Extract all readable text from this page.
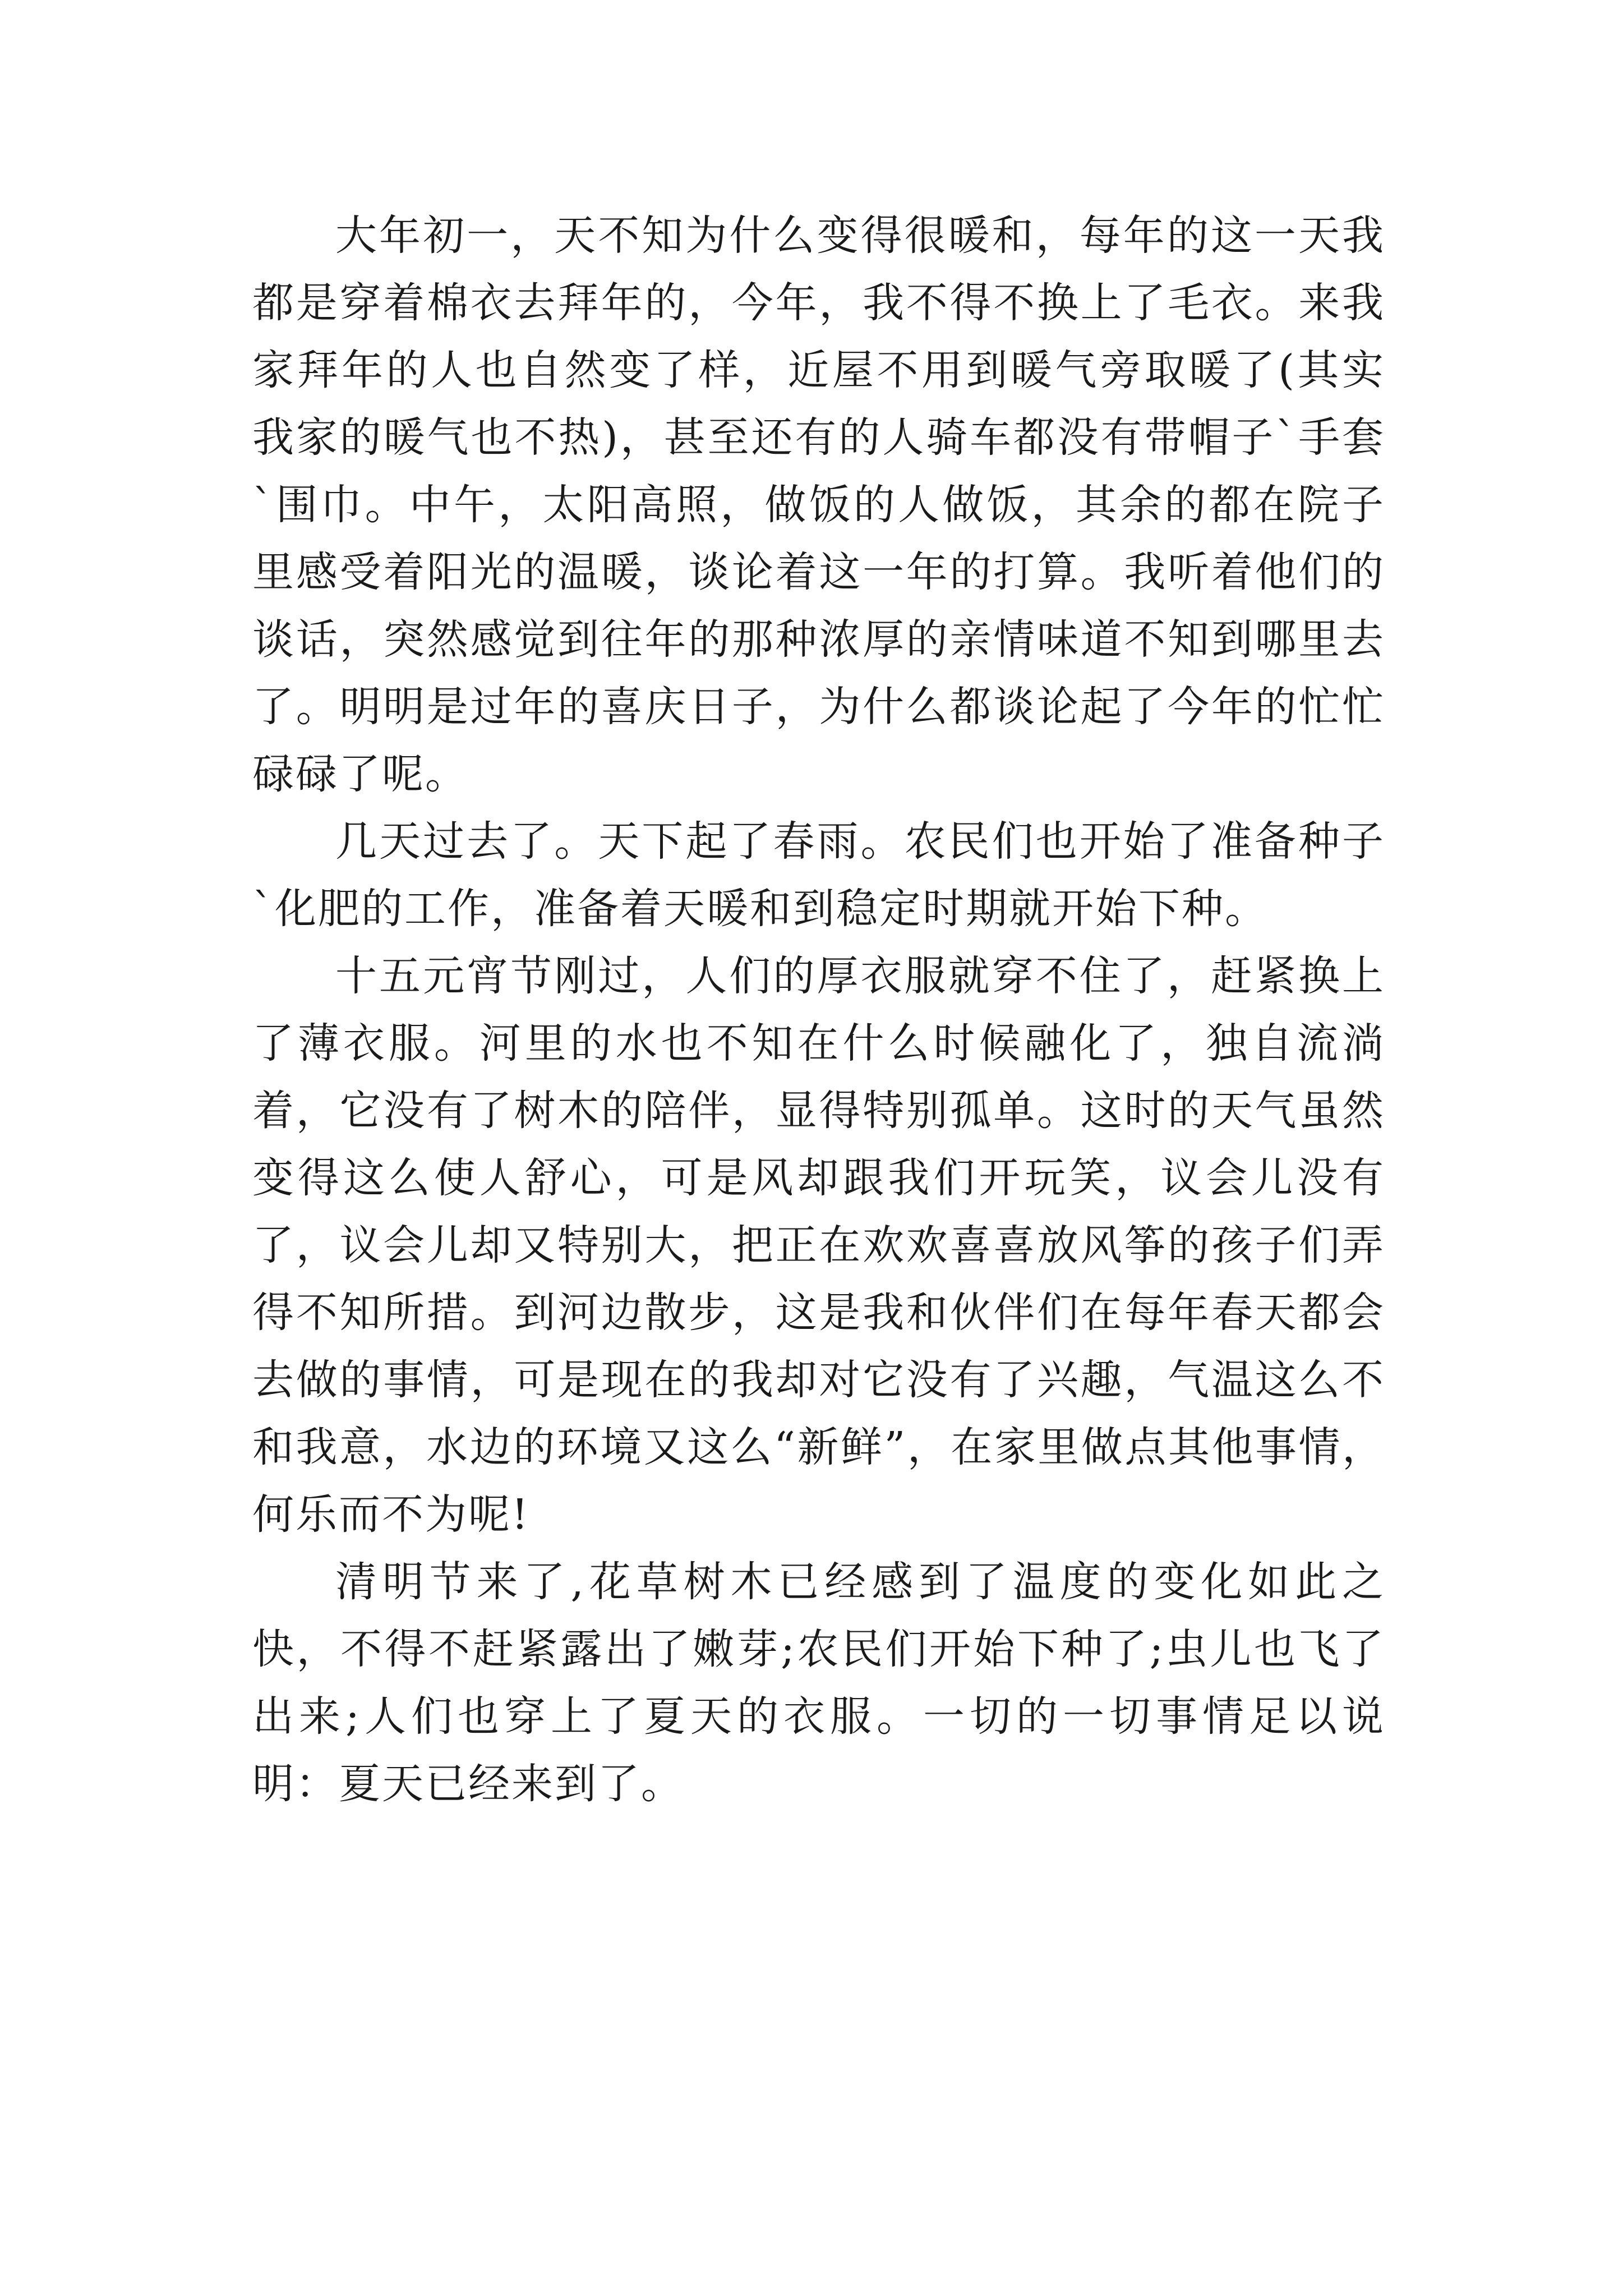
大年初一，天不知为什么变得很暖和，每年的这一天我都是穿着棉衣去拜年的，今年，我不得不换上了毛衣。来我家拜年的人也自然变了样，近屋不用到暖气旁取暖了(其实我家的暖气也不热)，甚至还有的人骑车都没有带帽子`手套`围巾。中午，太阳高照，做饭的人做饭，其余的都在院子里感受着阳光的温暖，谈论着这一年的打算。我听着他们的谈话，突然感觉到往年的那种浓厚的亲情味道不知到哪里去了。明明是过年的喜庆日子，为什么都谈论起了今年的忙忙碌碌了呢。

几天过去了。天下起了春雨。农民们也开始了准备种子`化肥的工作，准备着天暖和到稳定时期就开始下种。

十五元宵节刚过，人们的厚衣服就穿不住了，赶紧换上了薄衣服。河里的水也不知在什么时候融化了，独自流淌着，它没有了树木的陪伴，显得特别孤单。这时的天气虽然变得这么使人舒心，可是风却跟我们开玩笑，议会儿没有了，议会儿却又特别大，把正在欢欢喜喜放风筝的孩子们弄得不知所措。到河边散步，这是我和伙伴们在每年春天都会去做的事情，可是现在的我却对它没有了兴趣，气温这么不和我意，水边的环境又这么“新鲜”，在家里做点其他事情，何乐而不为呢!

清明节来了,花草树木已经感到了温度的变化如此之快，不得不赶紧露出了嫩芽;农民们开始下种了;虫儿也飞了出来;人们也穿上了夏天的衣服。一切的一切事情足以说明：夏天已经来到了。
